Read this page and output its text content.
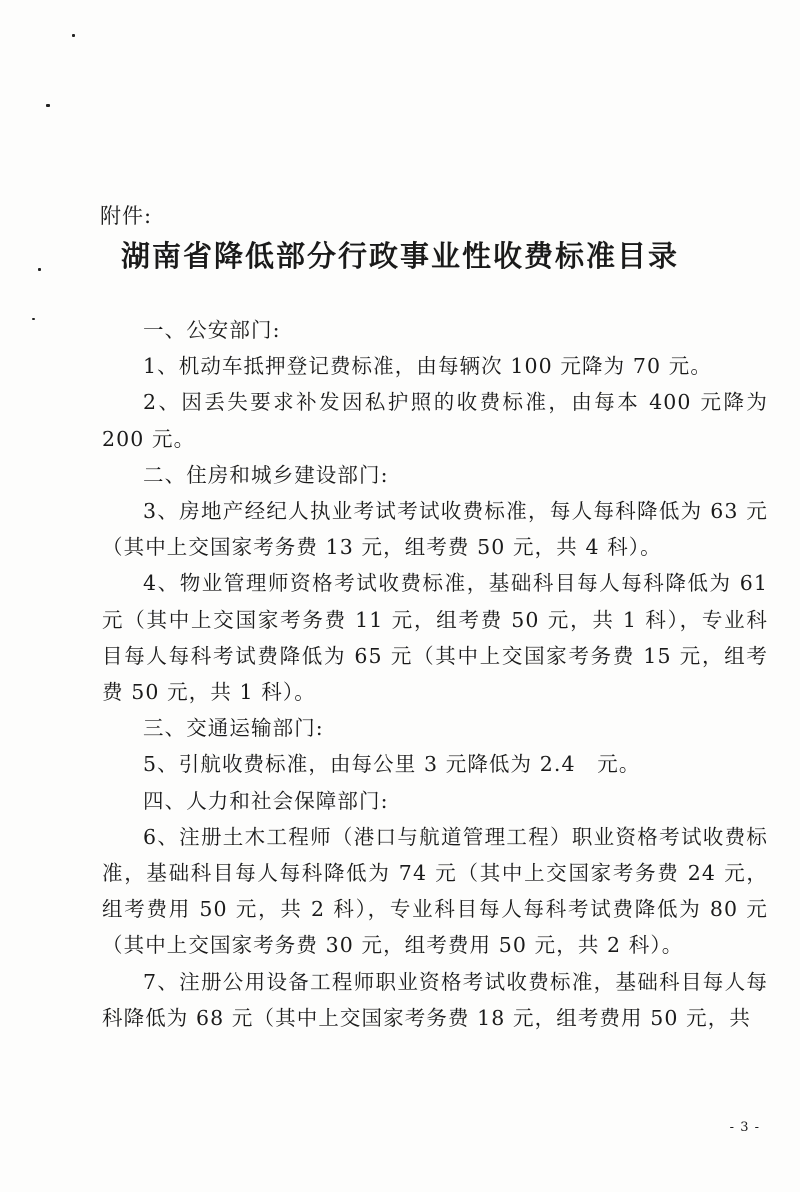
附件:
湖南省降低部分行政事业性收费标准目录

一、公安部门:

1、机动车抵押登记费标准，由每辆次 100 元降为 70 元。

2、因丢失要求补发因私护照的收费标准，由每本 400 元降为 200 元。

二、住房和城乡建设部门:

3、房地产经纪人执业考试考试收费标准，每人每科降低为 63 元（其中上交国家考务费 13 元，组考费 50 元，共 4 科）。

4、物业管理师资格考试收费标准，基础科目每人每科降低为 61 元（其中上交国家考务费 11 元，组考费 50 元，共 1 科），专业科目每人每科考试费降低为 65 元（其中上交国家考务费 15 元，组考费 50 元，共 1 科）。

三、交通运输部门:

5、引航收费标准，由每公里 3 元降低为 2.4　元。

四、人力和社会保障部门:

6、注册土木工程师（港口与航道管理工程）职业资格考试收费标准，基础科目每人每科降低为 74 元（其中上交国家考务费 24 元，组考费用 50 元，共 2 科），专业科目每人每科考试费降低为 80 元（其中上交国家考务费 30 元，组考费用 50 元，共 2 科）。

7、注册公用设备工程师职业资格考试收费标准，基础科目每人每科降低为 68 元（其中上交国家考务费 18 元，组考费用 50 元，共

- 3 -
